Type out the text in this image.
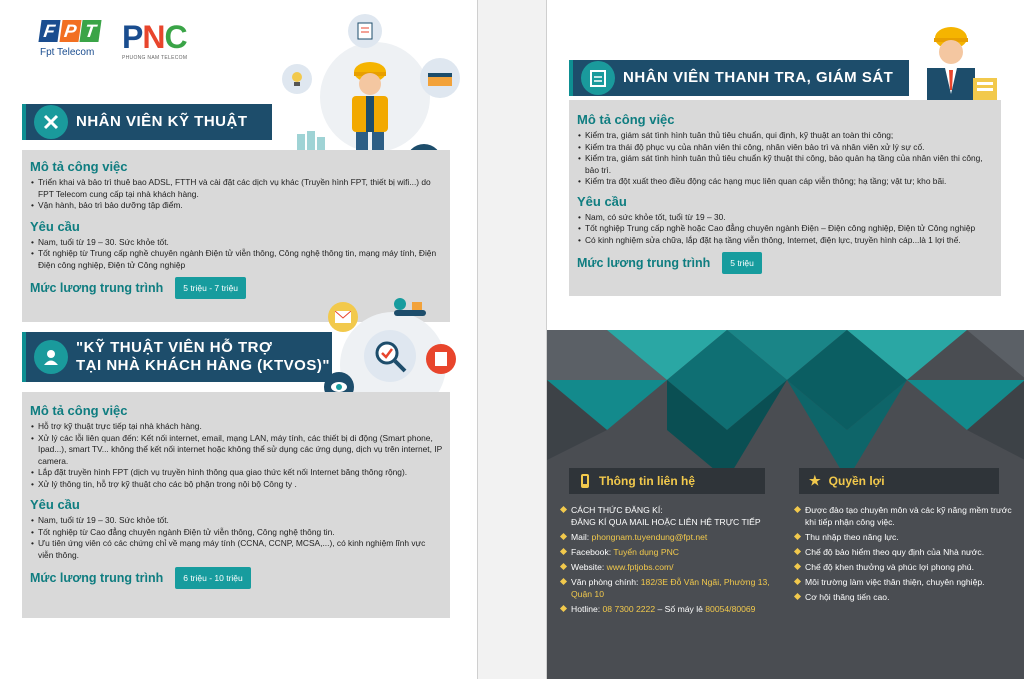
F P T
Fpt Telecom PNC
PHUONG NAM TELECOM
NHÂN VIÊN KỸ THUẬT
Mô tả công việc
• Triển khai và bảo trì thuê bao ADSL, FTTH và cài đặt các dịch vụ khác (Truyền hình FPT, thiết bị wifi...) do FPT Telecom cung cấp tại nhà khách hàng.
• Vận hành, bảo trì bảo dưỡng tập điểm.
Yêu cầu
• Nam, tuổi từ 19 – 30. Sức khỏe tốt.
• Tốt nghiệp từ Trung cấp nghề chuyên ngành Điện tử viễn thông, Công nghệ thông tin, mạng máy tính, Điện Điện công nghiệp, Điện tử Công nghiệp
Mức lương trung trình	5 triệu - 7 triệu
"KỸ THUẬT VIÊN HỖ TRỢ
TẠI NHÀ KHÁCH HÀNG (KTVOS)"
Mô tả công việc
• Hỗ trợ kỹ thuật trực tiếp tại nhà khách hàng.
• Xử lý các lỗi liên quan đến: Kết nối internet, email, mạng LAN, máy tính, các thiết bị di động (Smart phone, Ipad...), smart TV... không thể kết nối internet hoặc không thể sử dụng các ứng dụng, dịch vụ trên internet, IP camera.
• Lắp đặt truyền hình FPT (dịch vụ truyền hình thông qua giao thức kết nối Internet băng thông rộng).
• Xử lý thông tin, hỗ trợ kỹ thuật cho các bộ phận trong nội bộ Công ty .
Yêu cầu
• Nam, tuổi từ 19 – 30. Sức khỏe tốt.
• Tốt nghiệp từ Cao đẳng chuyên ngành Điện tử viễn thông, Công nghệ thông tin.
• Ưu tiên ứng viên có các chứng chỉ về mạng máy tính (CCNA, CCNP, MCSA,...), có kinh nghiệm lĩnh vực viễn thông.
Mức lương trung trình	6 triệu - 10 triệu
NHÂN VIÊN THANH TRA, GIÁM SÁT
Mô tả công việc
• Kiểm tra, giám sát tình hình tuân thủ tiêu chuẩn, qui định, kỹ thuật an toàn thi công;
• Kiểm tra thái độ phục vụ của nhân viên thi công, nhân viên bảo trì và nhân viên xử lý sự cố.
• Kiểm tra, giám sát tình hình tuân thủ tiêu chuẩn kỹ thuật thi công, bảo quản hạ tầng của nhân viên thi công, bảo trì.
• Kiểm tra đột xuất theo điều động các hạng mục liên quan cáp viễn thông; hạ tầng; vật tư; kho bãi.
Yêu cầu
• Nam, có sức khỏe tốt, tuổi từ 19 – 30.
• Tốt nghiệp Trung cấp nghề hoặc Cao đẳng chuyên ngành Điện – Điện công nghiệp, Điện tử Công nghiệp
• Có kinh nghiệm sửa chữa, lắp đặt hạ tầng viễn thông, Internet, điện lực, truyền hình cáp...là 1 lợi thế.
Mức lương trung trình	5 triệu
Thông tin liên hệ
CÁCH THỨC ĐĂNG KÍ:
ĐĂNG KÍ QUA MAIL HOẶC LIÊN HỆ TRỰC TIẾP
Mail: phongnam.tuyendung@fpt.net
Facebook: Tuyển dụng PNC
Website: www.fptjobs.com/
Văn phòng chính: 182/3E Đỗ Văn Ngãi, Phường 13, Quận 10
Hotline: 08 7300 2222 – Số máy lẻ 80054/80069
★ Quyền lợi
Được đào tạo chuyên môn và các kỹ năng mềm trước khi tiếp nhận công việc.
Thu nhập theo năng lực.
Chế độ bảo hiểm theo quy định của Nhà nước.
Chế độ khen thưởng và phúc lợi phong phú.
Môi trường làm việc thân thiện, chuyên nghiệp.
Cơ hội thăng tiến cao.
